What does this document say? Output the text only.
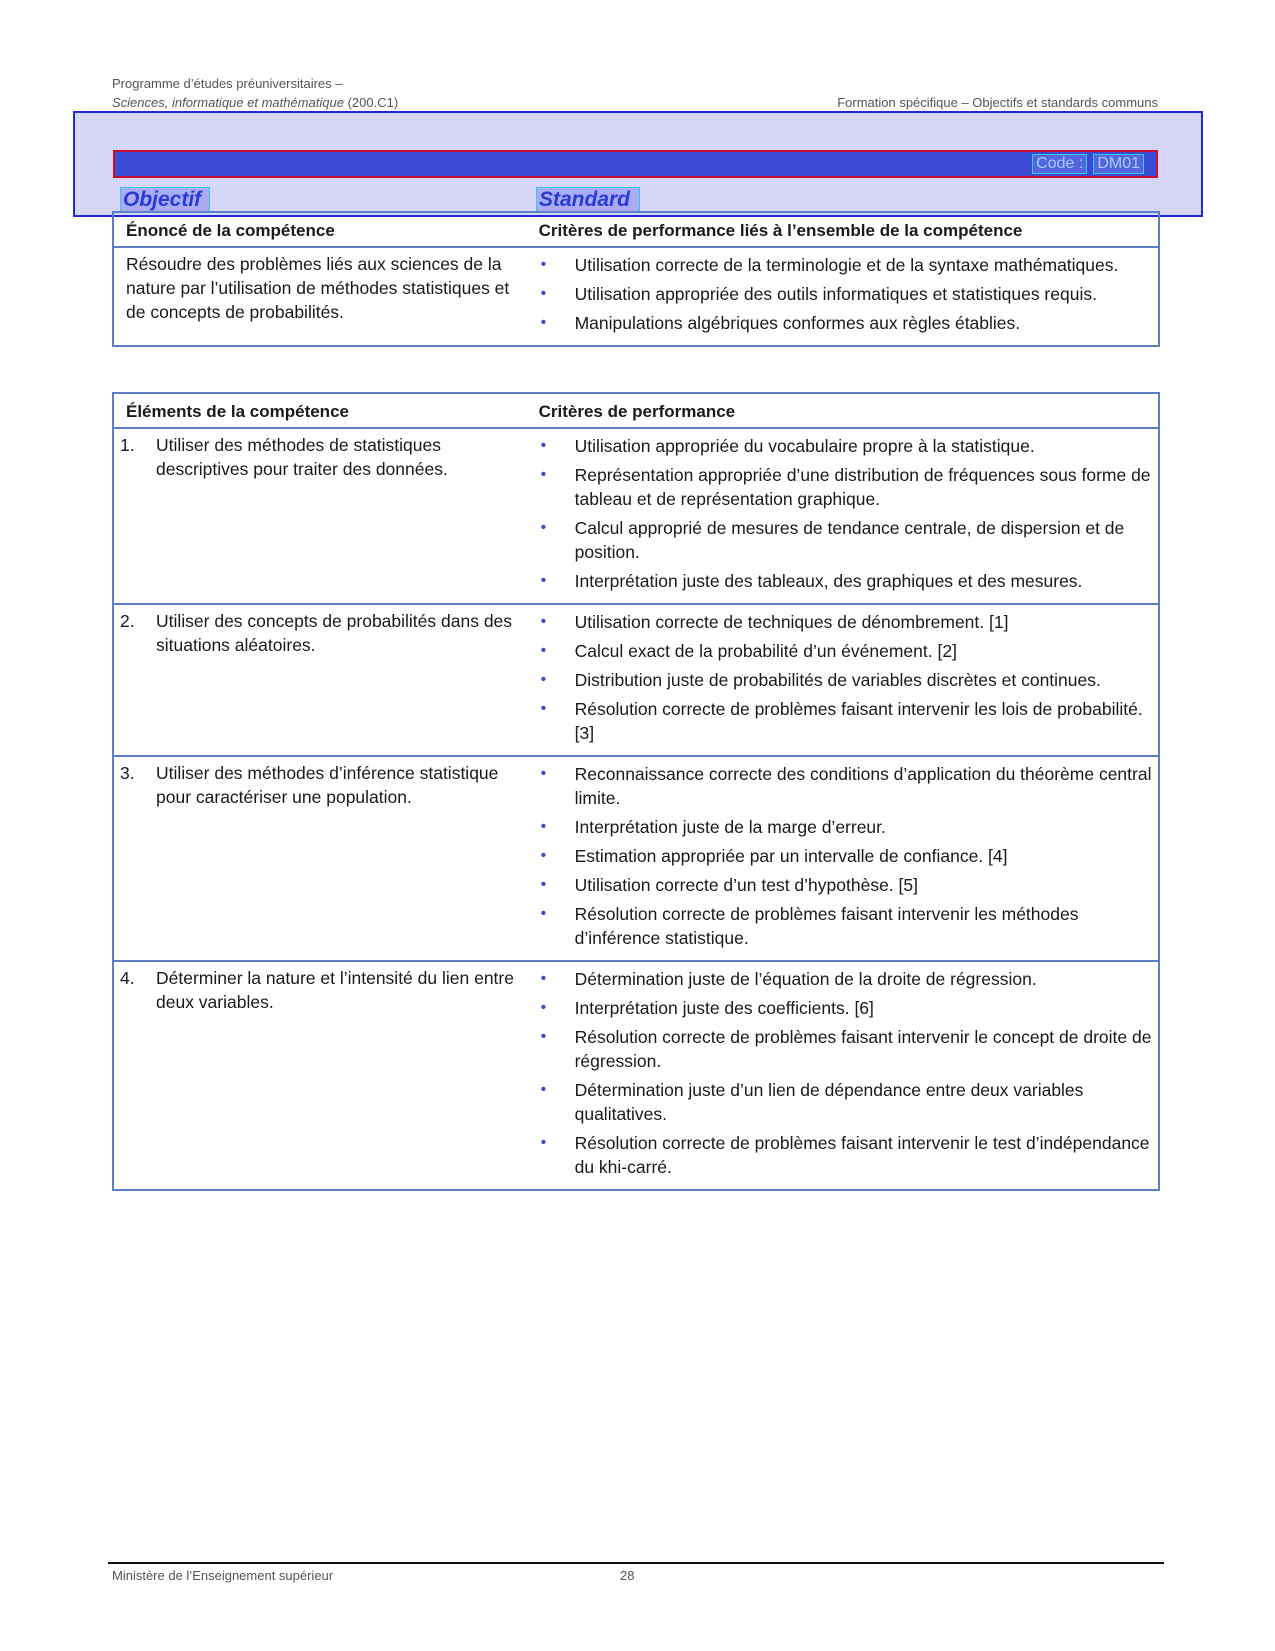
Programme d’études préuniversitaires –
Sciences, informatique et mathématique (200.C1)	Formation spécifique – Objectifs et standards communs
Code : DM01
Objectif	Standard
Énoncé de la compétence	Critères de performance liés à l’ensemble de la compétence
Résoudre des problèmes liés aux sciences de la nature par l’utilisation de méthodes statistiques et de concepts de probabilités.
• Utilisation correcte de la terminologie et de la syntaxe mathématiques.
• Utilisation appropriée des outils informatiques et statistiques requis.
• Manipulations algébriques conformes aux règles établies.
Éléments de la compétence	Critères de performance
1.	Utiliser des méthodes de statistiques descriptives pour traiter des données.
• Utilisation appropriée du vocabulaire propre à la statistique.
• Représentation appropriée d’une distribution de fréquences sous forme de tableau et de représentation graphique.
• Calcul approprié de mesures de tendance centrale, de dispersion et de position.
• Interprétation juste des tableaux, des graphiques et des mesures.
2.	Utiliser des concepts de probabilités dans des situations aléatoires.
• Utilisation correcte de techniques de dénombrement. [1]
• Calcul exact de la probabilité d’un événement. [2]
• Distribution juste de probabilités de variables discrètes et continues.
• Résolution correcte de problèmes faisant intervenir les lois de probabilité. [3]
3.	Utiliser des méthodes d’inférence statistique pour caractériser une population.
• Reconnaissance correcte des conditions d’application du théorème central limite.
• Interprétation juste de la marge d’erreur.
• Estimation appropriée par un intervalle de confiance. [4]
• Utilisation correcte d’un test d’hypothèse. [5]
• Résolution correcte de problèmes faisant intervenir les méthodes d’inférence statistique.
4.	Déterminer la nature et l’intensité du lien entre deux variables.
• Détermination juste de l’équation de la droite de régression.
• Interprétation juste des coefficients. [6]
• Résolution correcte de problèmes faisant intervenir le concept de droite de régression.
• Détermination juste d’un lien de dépendance entre deux variables qualitatives.
• Résolution correcte de problèmes faisant intervenir le test d’indépendance du khi-carré.
Ministère de l’Enseignement supérieur	28
